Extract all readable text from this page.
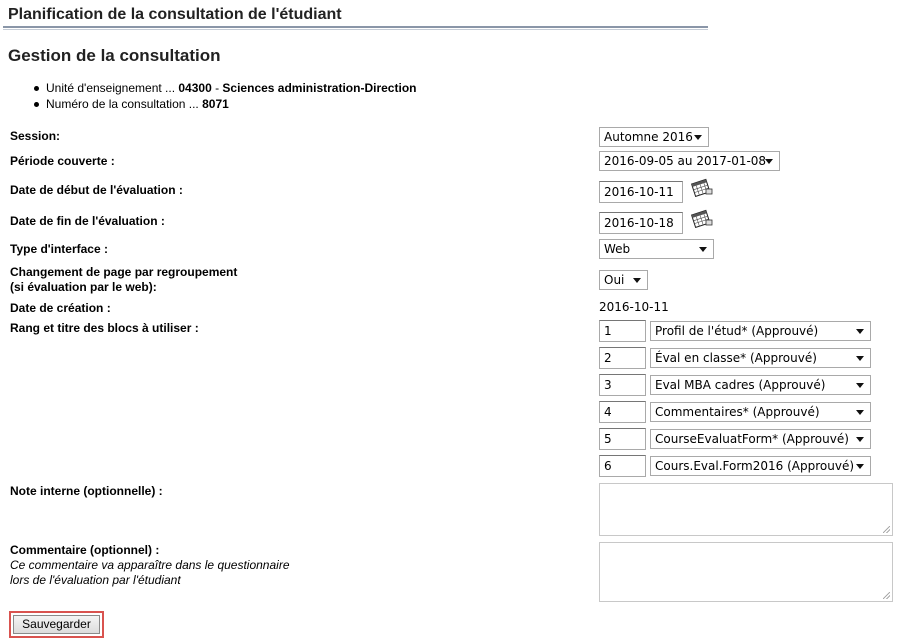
Planification de la consultation de l'étudiant
Gestion de la consultation
Unité d'enseignement ... 04300 - Sciences administration-Direction
Numéro de la consultation ... 8071
Session:	Automne 2016
Période couverte :	2016-09-05 au 2017-01-08
Date de début de l'évaluation :	2016-10-11
Date de fin de l'évaluation :	2016-10-18
Type d'interface :	Web
Changement de page par regroupement
(si évaluation par le web):	Oui
Date de création :	2016-10-11
Rang et titre des blocs à utiliser :	1	Profil de l'étud* (Approuvé)
2	Éval en classe* (Approuvé)
3	Eval MBA cadres (Approuvé)
4	Commentaires* (Approuvé)
5	CourseEvaluatForm* (Approuvé)
6	Cours.Eval.Form2016 (Approuvé)
Note interne (optionnelle) :
Commentaire (optionnel) :
Ce commentaire va apparaître dans le questionnaire
lors de l'évaluation par l'étudiant
Sauvegarder
